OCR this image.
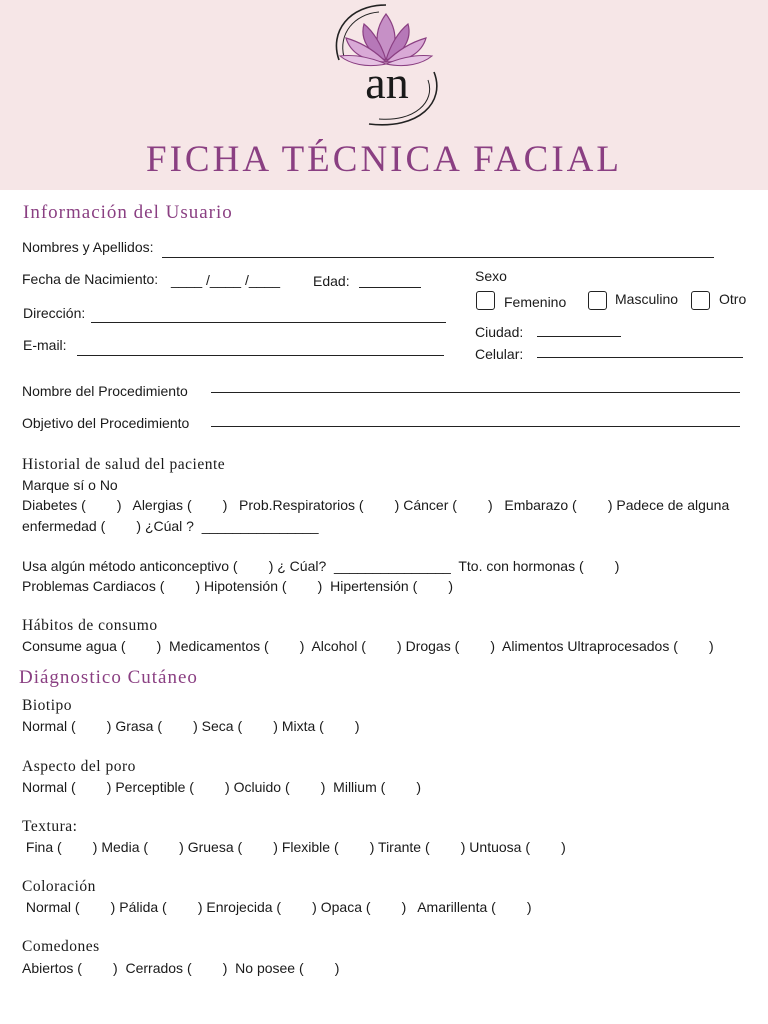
an
FICHA TÉCNICA FACIAL
Información del Usuario
Nombres y Apellidos:
Fecha de Nacimiento: ____ /____ /____ Edad:
Dirección:
E-mail:
Sexo
Femenino	Masculino	Otro
Ciudad:
Celular:
Nombre del Procedimiento
Objetivo del Procedimiento
Historial de salud del paciente
Marque sí o No
Diabetes (        )   Alergias (        )   Prob.Respiratorios (        ) Cáncer (        )   Embarazo (        ) Padece de alguna
enfermedad (        ) ¿Cúal ?  _______________
Usa algún método anticonceptivo (        ) ¿ Cúal?  _______________  Tto. con hormonas (        )
Problemas Cardiacos (        ) Hipotensión (        )  Hipertensión (        )
Hábitos de consumo
Consume agua (        )  Medicamentos (        )  Alcohol (        ) Drogas (        )  Alimentos Ultraprocesados (        )
Diágnostico Cutáneo
Biotipo
Normal (        ) Grasa (        ) Seca (        ) Mixta (        )
Aspecto del poro
Normal (        ) Perceptible (        ) Ocluido (        )  Millium (        )
Textura:
Fina (        ) Media (        ) Gruesa (        ) Flexible (        ) Tirante (        ) Untuosa (        )
Coloración
Normal (        ) Pálida (        ) Enrojecida (        ) Opaca (        )   Amarillenta (        )
Comedones
Abiertos (        )  Cerrados (        )  No posee (        )
